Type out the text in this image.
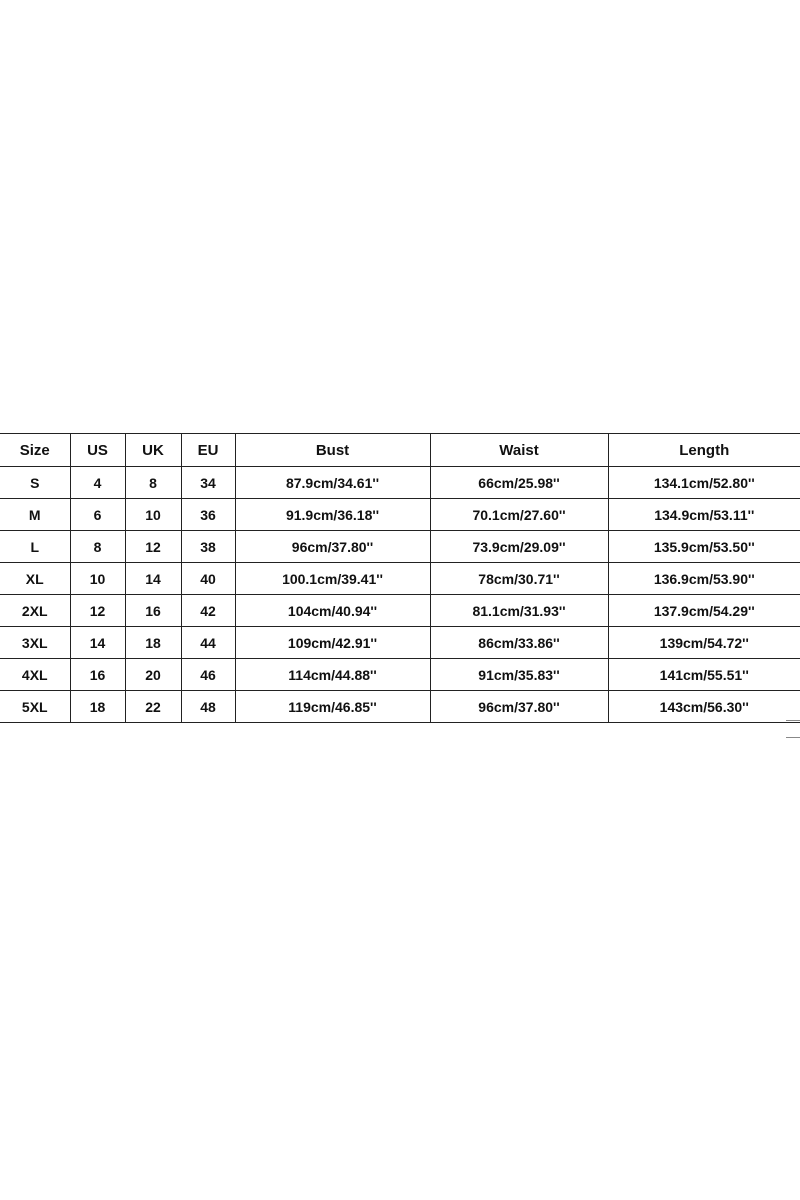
Size	US	UK	EU	Bust	Waist	Length
S	4	8	34	87.9cm/34.61''	66cm/25.98''	134.1cm/52.80''
M	6	10	36	91.9cm/36.18''	70.1cm/27.60''	134.9cm/53.11''
L	8	12	38	96cm/37.80''	73.9cm/29.09''	135.9cm/53.50''
XL	10	14	40	100.1cm/39.41''	78cm/30.71''	136.9cm/53.90''
2XL	12	16	42	104cm/40.94''	81.1cm/31.93''	137.9cm/54.29''
3XL	14	18	44	109cm/42.91''	86cm/33.86''	139cm/54.72''
4XL	16	20	46	114cm/44.88''	91cm/35.83''	141cm/55.51''
5XL	18	22	48	119cm/46.85''	96cm/37.80''	143cm/56.30''
